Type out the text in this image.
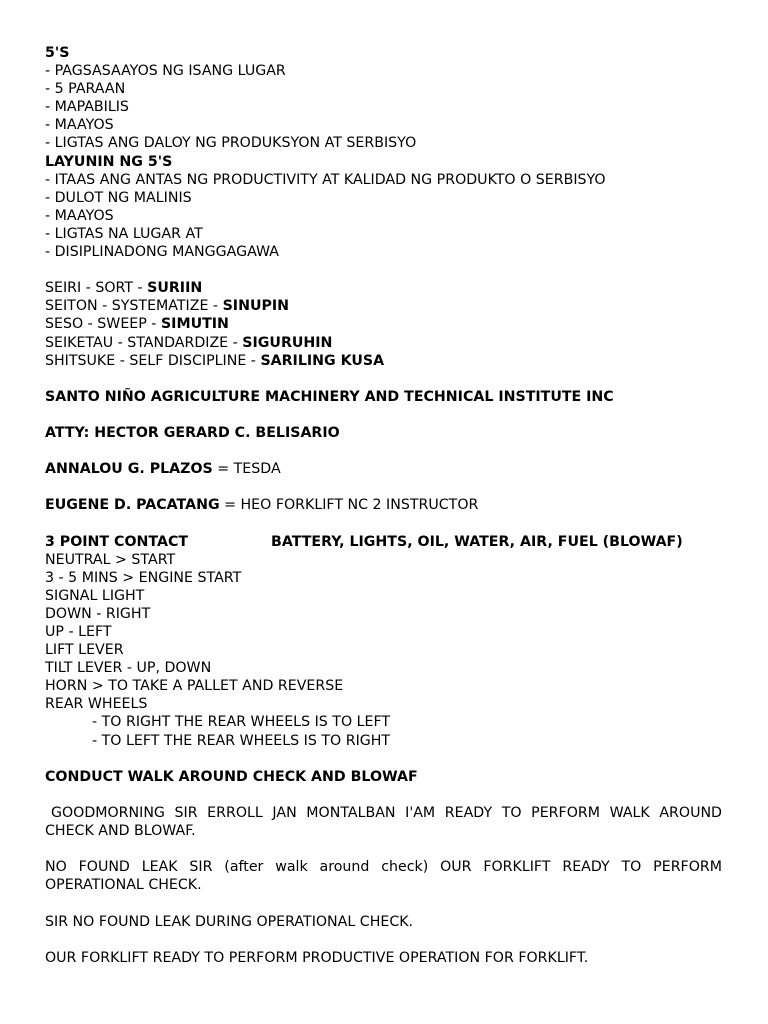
5'S
- PAGSASAAYOS NG ISANG LUGAR
- 5 PARAAN
- MAPABILIS
- MAAYOS
- LIGTAS ANG DALOY NG PRODUKSYON AT SERBISYO
LAYUNIN NG 5'S
- ITAAS ANG ANTAS NG PRODUCTIVITY AT KALIDAD NG PRODUKTO O SERBISYO
- DULOT NG MALINIS
- MAAYOS
- LIGTAS NA LUGAR AT
- DISIPLINADONG MANGGAGAWA
SEIRI - SORT - SURIIN
SEITON - SYSTEMATIZE - SINUPIN
SESO - SWEEP - SIMUTIN
SEIKETAU - STANDARDIZE - SIGURUHIN
SHITSUKE - SELF DISCIPLINE - SARILING KUSA
SANTO NIÑO AGRICULTURE MACHINERY AND TECHNICAL INSTITUTE INC
ATTY: HECTOR GERARD C. BELISARIO
ANNALOU G. PLAZOS = TESDA
EUGENE D. PACATANG = HEO FORKLIFT NC 2 INSTRUCTOR
3 POINT CONTACT	BATTERY, LIGHTS, OIL, WATER, AIR, FUEL (BLOWAF)
NEUTRAL > START
3 - 5 MINS > ENGINE START
SIGNAL LIGHT
DOWN - RIGHT
UP - LEFT
LIFT LEVER
TILT LEVER - UP, DOWN
HORN > TO TAKE A PALLET AND REVERSE
REAR WHEELS
- TO RIGHT THE REAR WHEELS IS TO LEFT
- TO LEFT THE REAR WHEELS IS TO RIGHT
CONDUCT WALK AROUND CHECK AND BLOWAF
GOODMORNING SIR ERROLL JAN MONTALBAN I'AM READY TO PERFORM WALK AROUND CHECK AND BLOWAF.
NO FOUND LEAK SIR (after walk around check) OUR FORKLIFT READY TO PERFORM OPERATIONAL CHECK.
SIR NO FOUND LEAK DURING OPERATIONAL CHECK.
OUR FORKLIFT READY TO PERFORM PRODUCTIVE OPERATION FOR FORKLIFT.
